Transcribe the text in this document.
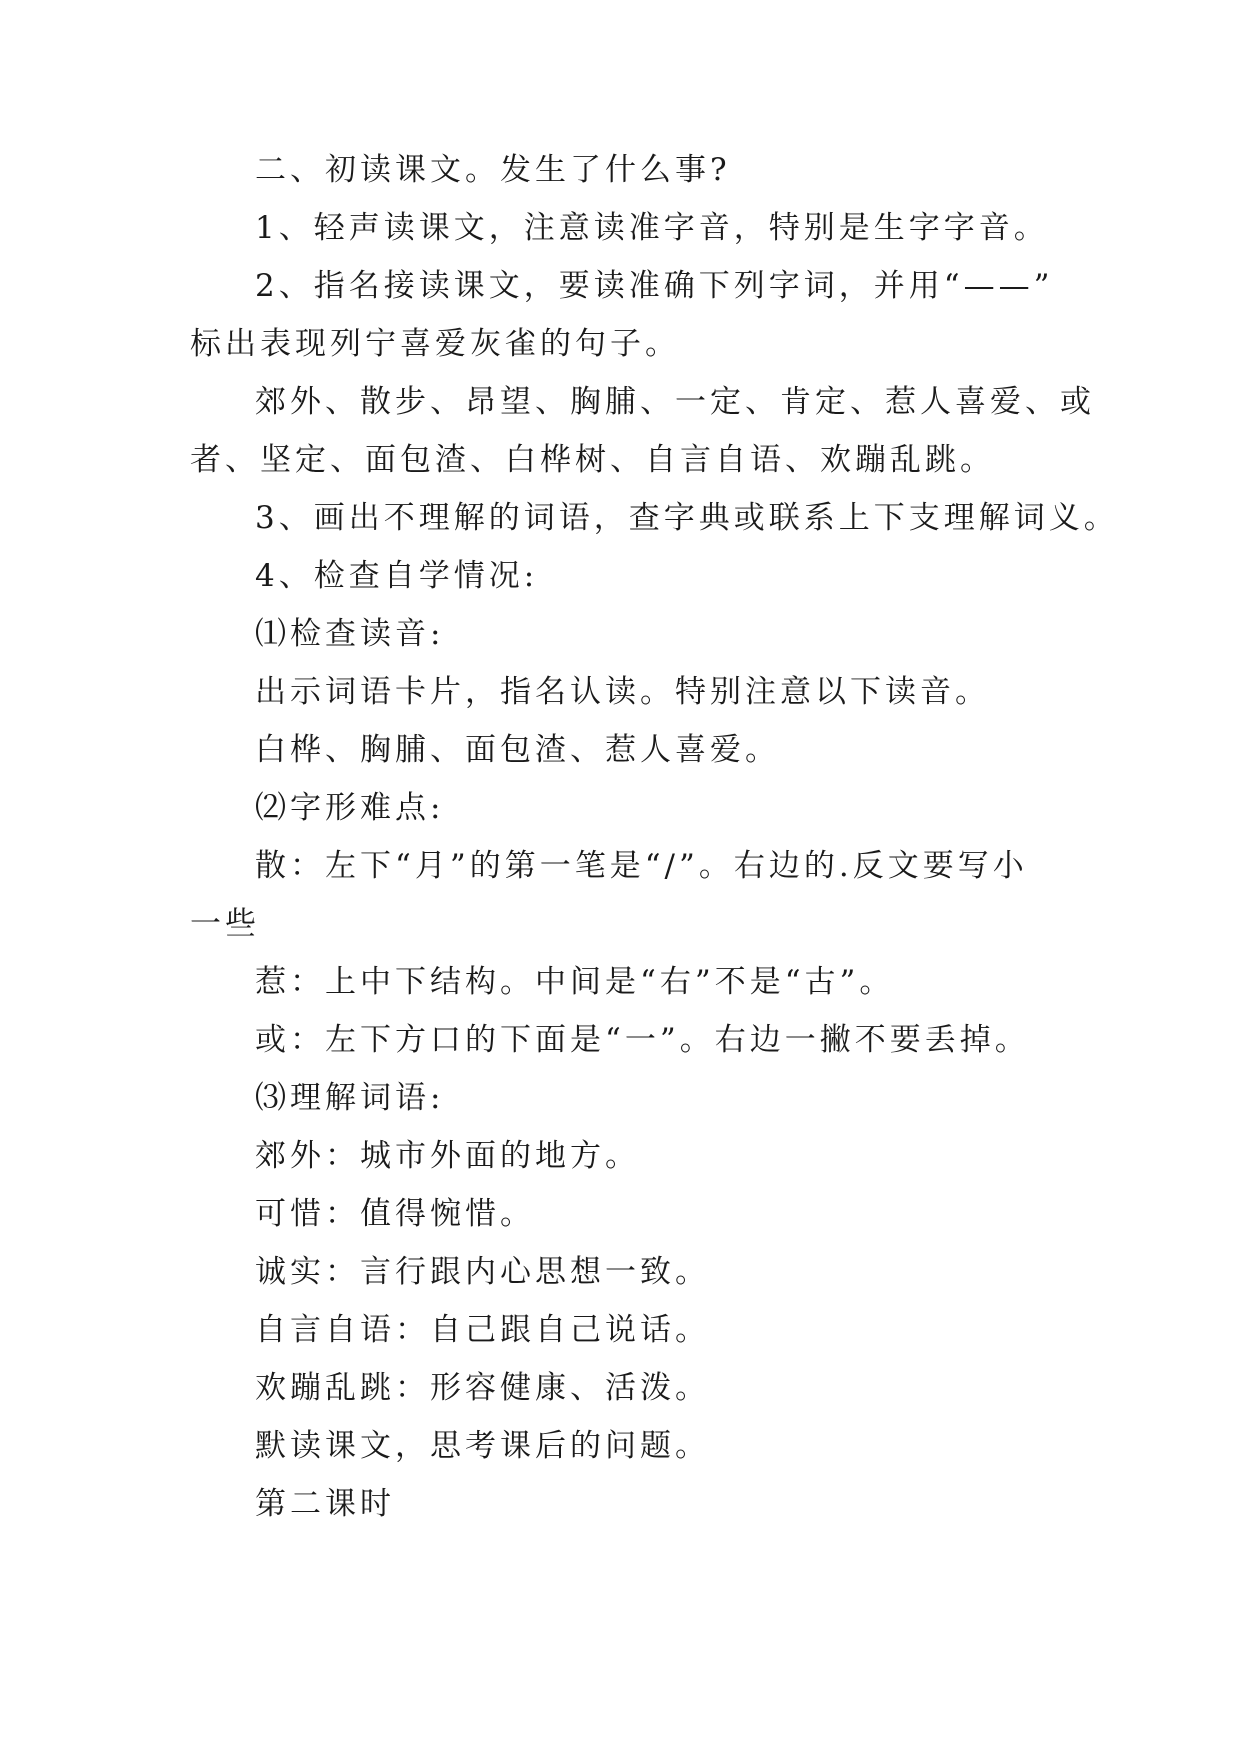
二、初读课文。发生了什么事?
1、轻声读课文，注意读准字音，特别是生字字音。
2、指名接读课文，要读准确下列字词，并用“——”
标出表现列宁喜爱灰雀的句子。
郊外、散步、昂望、胸脯、一定、肯定、惹人喜爱、或
者、坚定、面包渣、白桦树、自言自语、欢蹦乱跳。
3、画出不理解的词语，查字典或联系上下支理解词义。
4、检查自学情况:
⑴检查读音:
出示词语卡片，指名认读。特别注意以下读音。
白桦、胸脯、面包渣、惹人喜爱。
⑵字形难点:
散：左下“月”的第一笔是“/”。右边的.反文要写小
一些
惹：上中下结构。中间是“右”不是“古”。
或：左下方口的下面是“一”。右边一撇不要丢掉。
⑶理解词语:
郊外：城市外面的地方。
可惜：值得惋惜。
诚实：言行跟内心思想一致。
自言自语：自己跟自己说话。
欢蹦乱跳：形容健康、活泼。
默读课文，思考课后的问题。
第二课时
